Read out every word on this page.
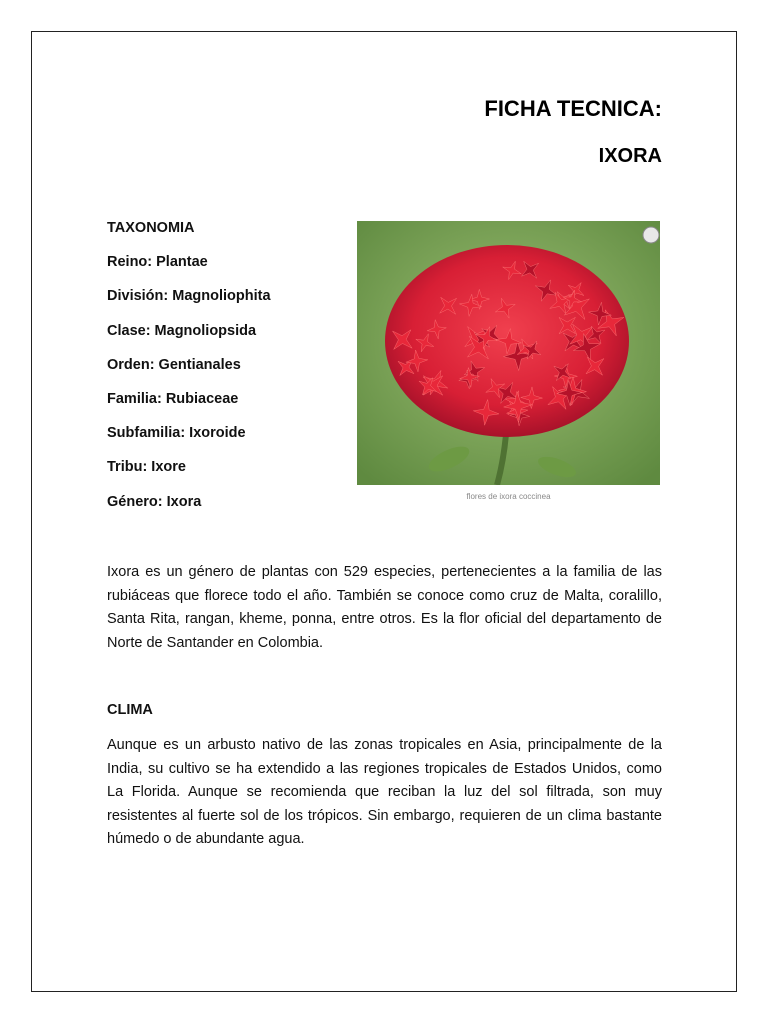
FICHA TECNICA:
IXORA
TAXONOMIA
Reino: Plantae
División: Magnoliophita
Clase: Magnoliopsida
Orden: Gentianales
Familia: Rubiaceae
Subfamilia: Ixoroide
Tribu: Ixore
Género: Ixora	flores de ixora coccinea

Ixora es un género de plantas con 529 especies, pertenecientes a la familia de las rubiáceas que florece todo el año. También se conoce como cruz de Malta, coralillo, Santa Rita, rangan, kheme, ponna, entre otros. Es la flor oficial del departamento de Norte de Santander en Colombia.

CLIMA

Aunque es un arbusto nativo de las zonas tropicales en Asia, principalmente de la India, su cultivo se ha extendido a las regiones tropicales de Estados Unidos, como La Florida. Aunque se recomienda que reciban la luz del sol filtrada, son muy resistentes al fuerte sol de los trópicos. Sin embargo, requieren de un clima bastante húmedo o de abundante agua.
